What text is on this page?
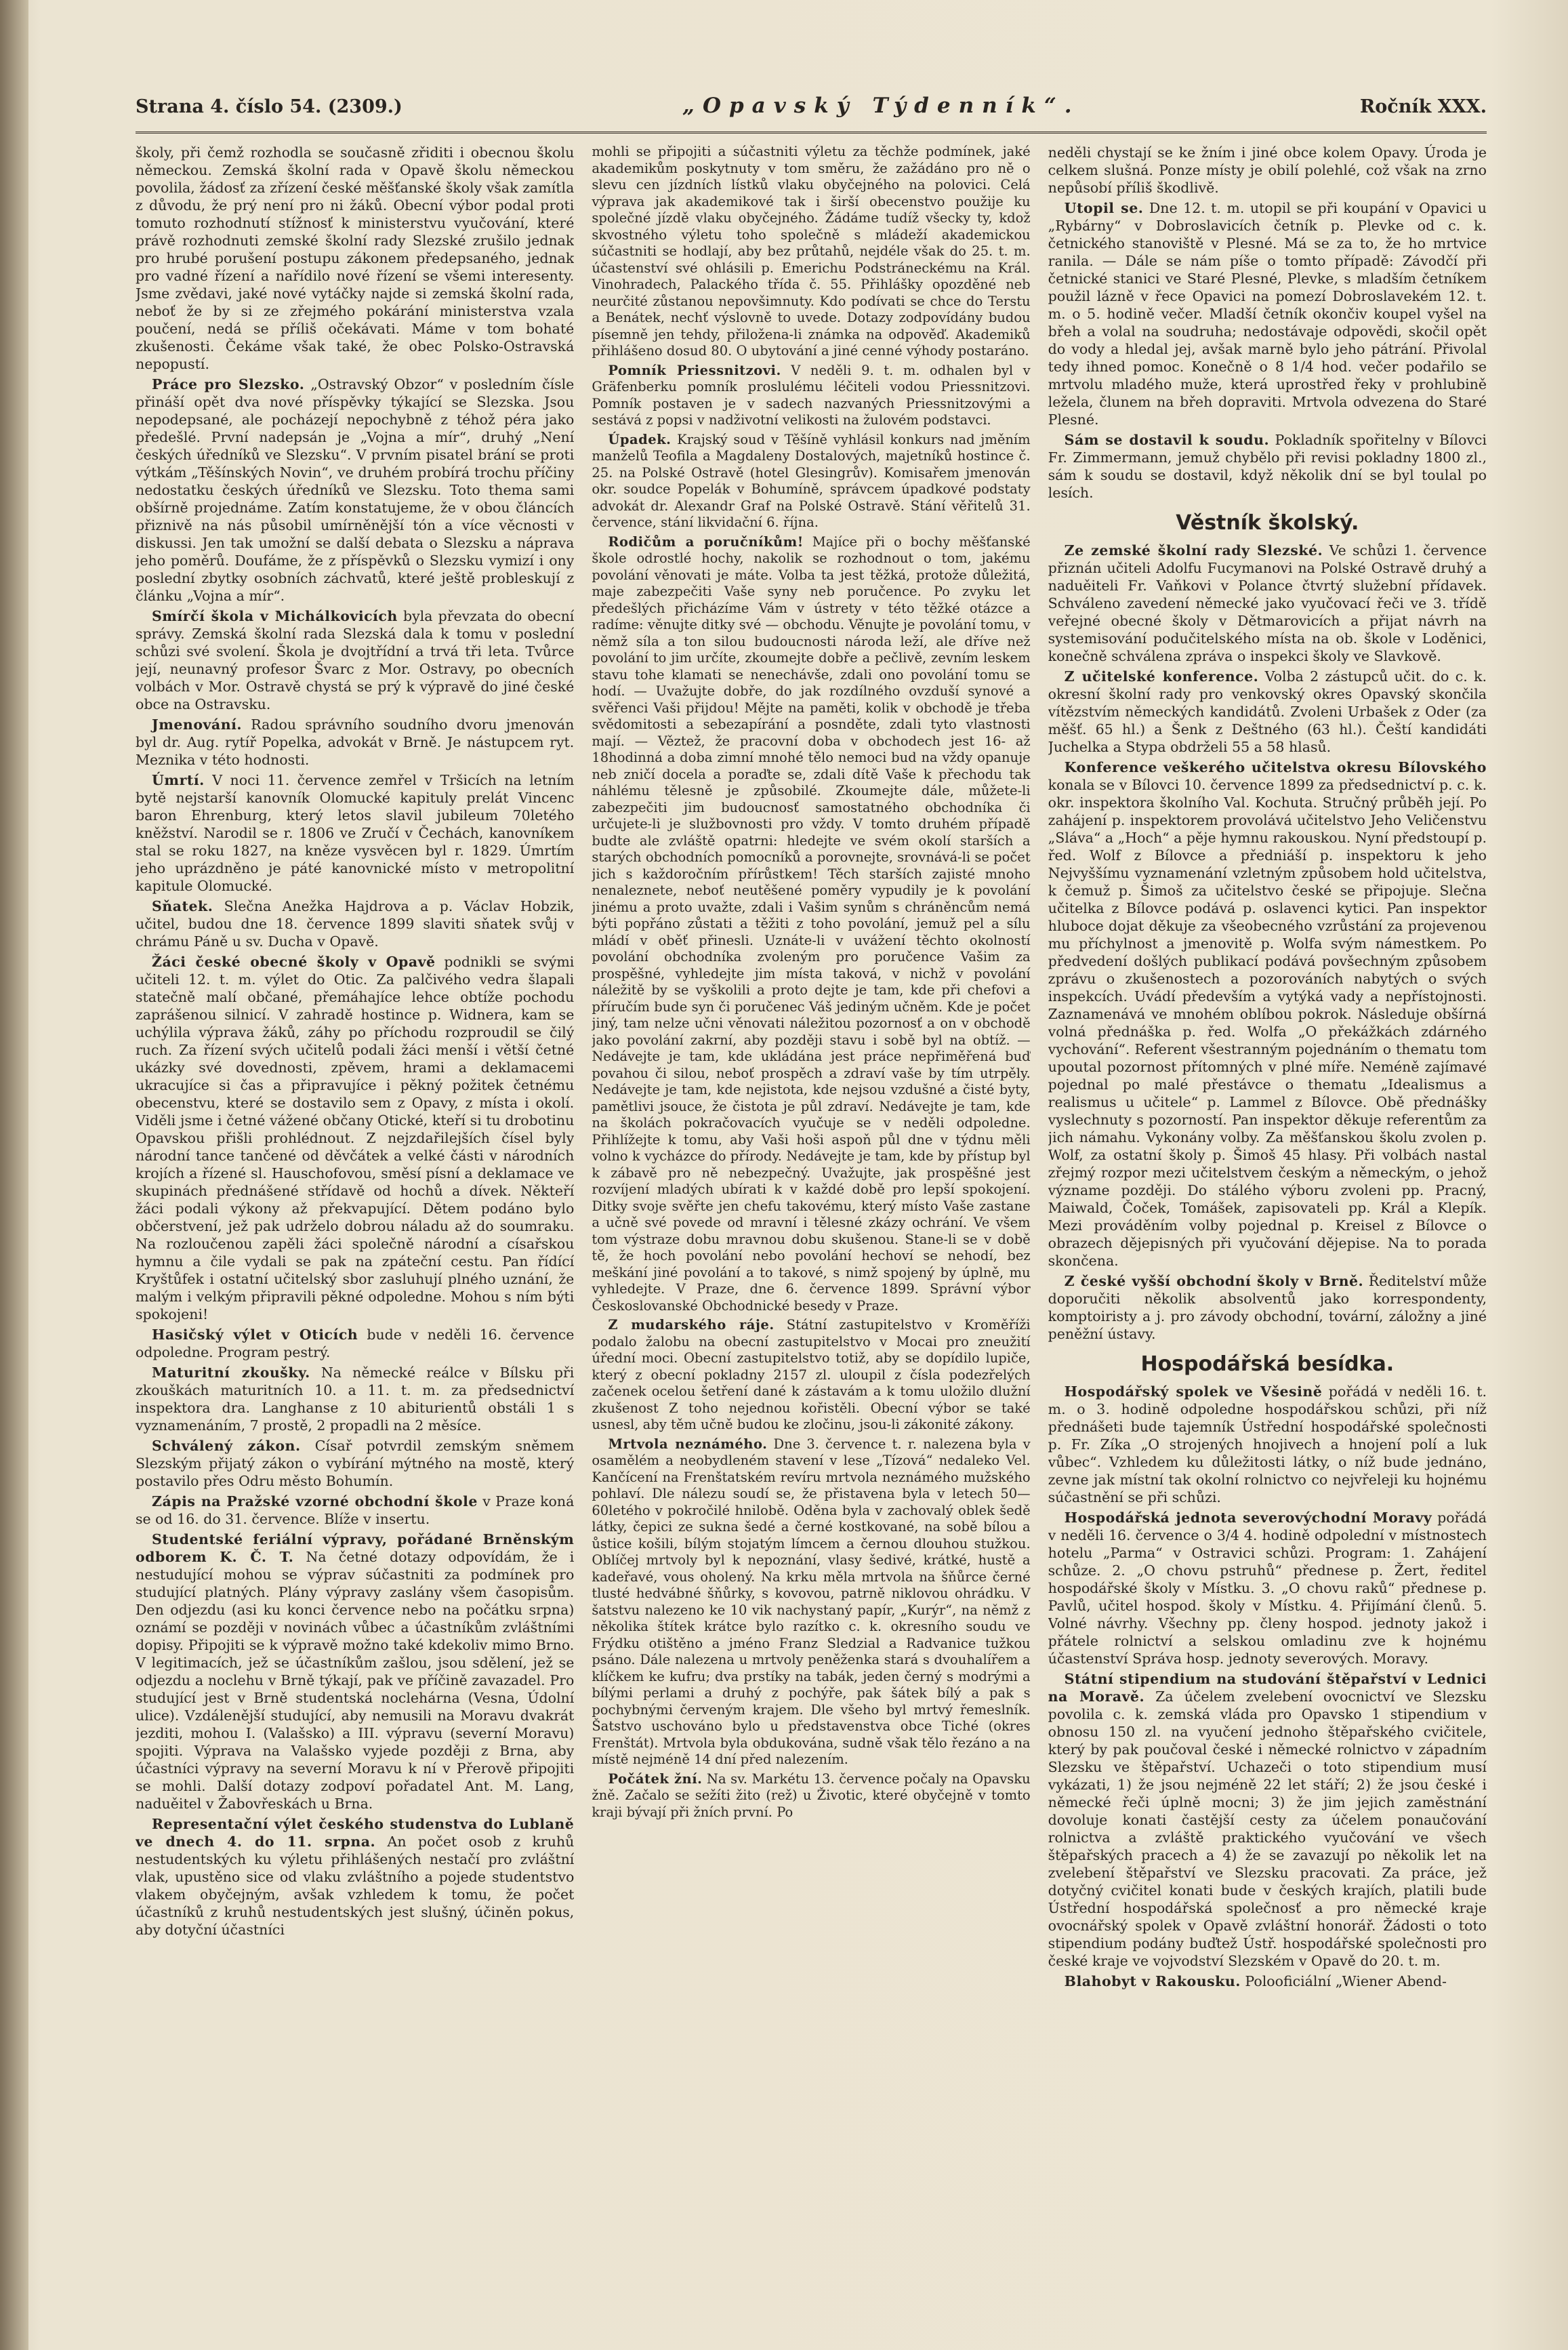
Strana 4. číslo 54. (2309.)	„Opavský Týdenník“.	Ročník XXX.

školy, při čemž rozhodla se současně zřiditi i obecnou školu německou. Zemská školní rada v Opavě školu německou povolila, žádosť za zřízení české měšťanské školy však zamítla z důvodu, že prý není pro ni žáků. Obecní výbor podal proti tomuto rozhodnutí stížnosť k ministerstvu vyučování, které právě rozhodnuti zemské školní rady Slezské zrušilo jednak pro hrubé porušení postupu zákonem předepsaného, jednak pro vadné řízení a nařídilo nové řízení se všemi interesenty. Jsme zvědavi, jaké nové vytáčky najde si zemská školní rada, neboť že by si ze zřejmého pokárání ministerstva vzala poučení, nedá se příliš očekávati. Máme v tom bohaté zkušenosti. Čekáme však také, že obec Polsko-Ostravská nepopustí.

Práce pro Slezsko. „Ostravský Obzor“ v posledním čísle přináší opět dva nové příspěvky týkající se Slezska. Jsou nepodepsané, ale pocházejí nepochybně z téhož péra jako předešlé. První nadepsán je „Vojna a mír“, druhý „Není českých úředníků ve Slezsku“. V prvním pisatel brání se proti výtkám „Těšínských Novin“, ve druhém probírá trochu příčiny nedostatku českých úředníků ve Slezsku. Toto thema sami obšírně projednáme. Zatím konstatujeme, že v obou článcích přiznivě na nás působil umírněnější tón a více věcnosti v diskussi. Jen tak umožní se další debata o Slezsku a náprava jeho poměrů. Doufáme, že z příspěvků o Slezsku vymizí i ony poslední zbytky osobních záchvatů, které ještě probleskují z článku „Vojna a mír“.

Smírčí škola v Michálkovicích byla převzata do obecní správy. Zemská školní rada Slezská dala k tomu v poslední schůzi své svolení. Škola je dvojtřídní a trvá tři leta. Tvůrce její, neunavný profesor Švarc z Mor. Ostravy, po obecních volbách v Mor. Ostravě chystá se prý k výpravě do jiné české obce na Ostravsku.

Jmenování. Radou správního soudního dvoru jmenován byl dr. Aug. rytíř Popelka, advokát v Brně. Je nástupcem ryt. Meznika v této hodnosti.

Úmrtí. V noci 11. července zemřel v Tršicích na letním bytě nejstarší kanovník Olomucké kapituly prelát Vincenc baron Ehrenburg, který letos slavil jubileum 70letého kněžství. Narodil se r. 1806 ve Zručí v Čechách, kanovníkem stal se roku 1827, na kněze vysvěcen byl r. 1829. Úmrtím jeho uprázdněno je páté kanovnické místo v metropolitní kapitule Olomucké.

Sňatek. Slečna Anežka Hajdrova a p. Václav Hobzik, učitel, budou dne 18. července 1899 slaviti sňatek svůj v chrámu Páně u sv. Ducha v Opavě.

Žáci české obecné školy v Opavě podnikli se svými učiteli 12. t. m. výlet do Otic. Za palčivého vedra šlapali statečně malí občané, přemáhajíce lehce obtíže pochodu zaprášenou silnicí. V zahradě hostince p. Widnera, kam se uchýlila výprava žáků, záhy po příchodu rozproudil se čilý ruch. Za řízení svých učitelů podali žáci menší i větší četné ukázky své dovednosti, zpěvem, hrami a deklamacemi ukracujíce si čas a připravujíce i pěkný požitek četnému obecenstvu, které se dostavilo sem z Opavy, z místa i okolí. Viděli jsme i četné vážené občany Otické, kteří si tu drobotinu Opavskou přišli prohlédnout. Z nejzdařilejších čísel byly národní tance tančené od děvčátek a velké části v národních krojích a řízené sl. Hauschofovou, směsí písní a deklamace ve skupinách přednášené střídavě od hochů a dívek. Někteří žáci podali výkony až překvapující. Dětem podáno bylo občerstvení, jež pak udrželo dobrou náladu až do soumraku. Na rozloučenou zapěli žáci společně národní a císařskou hymnu a čile vydali se pak na zpáteční cestu. Pan řídící Kryštůfek i ostatní učitelský sbor zasluhují plného uznání, že malým i velkým připravili pěkné odpoledne. Mohou s ním býti spokojeni!

Hasičský výlet v Oticích bude v neděli 16. července odpoledne. Program pestrý.

Maturitní zkoušky. Na německé reálce v Bílsku při zkouškách maturitních 10. a 11. t. m. za předsednictví inspektora dra. Langhanse z 10 abiturientů obstáli 1 s vyznamenáním, 7 prostě, 2 propadli na 2 měsíce.

Schválený zákon. Císař potvrdil zemským sněmem Slezským přijatý zákon o vybírání mýtného na mostě, který postavilo přes Odru město Bohumín.

Zápis na Pražské vzorné obchodní škole v Praze koná se od 16. do 31. července. Blíže v insertu.

Studentské feriální výpravy, pořádané Brněnským odborem K. Č. T. Na četné dotazy odpovídám, že i nestudující mohou se výprav súčastniti za podmínek pro studující platných. Plány výpravy zaslány všem časopisům. Den odjezdu (asi ku konci července nebo na počátku srpna) oznámí se později v novinách vůbec a účastníkům zvláštními dopisy. Připojiti se k výpravě možno také kdekoliv mimo Brno. V legitimacích, jež se účastníkům zašlou, jsou sdělení, jež se odjezdu a noclehu v Brně týkají, pak ve příčině zavazadel. Pro studující jest v Brně studentská noclehárna (Vesna, Údolní ulice). Vzdálenější studující, aby nemusili na Moravu dvakrát jezditi, mohou I. (Valašsko) a III. výpravu (severní Moravu) spojiti. Výprava na Valašsko vyjede později z Brna, aby účastníci výpravy na severní Moravu k ní v Přerově připojiti se mohli. Další dotazy zodpoví pořadatel Ant. M. Lang, naduěitel v Žabovřeskách u Brna.

Representační výlet českého studenstva do Lublaně ve dnech 4. do 11. srpna. An počet osob z kruhů nestudentských ku výletu přihlášených nestačí pro zvláštní vlak, upustěno sice od vlaku zvláštního a pojede studentstvo vlakem obyčejným, avšak vzhledem k tomu, že počet účastníků z kruhů nestudentských jest slušný, účiněn pokus, aby dotyční účastníci

mohli se připojiti a súčastniti výletu za těchže podmínek, jaké akademikům poskytnuty v tom směru, že zažádáno pro ně o slevu cen jízdních lístků vlaku obyčejného na polovici. Celá výprava jak akademikové tak i širší obecenstvo použije ku společné jízdě vlaku obyčejného. Žádáme tudíž všecky ty, kdož skvostného výletu toho společně s mládeží akademickou súčastniti se hodlají, aby bez průtahů, nejdéle však do 25. t. m. účastenství své ohlásili p. Emerichu Podstráneckému na Král. Vinohradech, Palackého třída č. 55. Přihlášky opozděné neb neurčité zůstanou nepovšimnuty. Kdo podívati se chce do Terstu a Benátek, nechť výslovně to uvede. Dotazy zodpovídány budou písemně jen tehdy, přiložena-li známka na odpověď. Akademiků přihlášeno dosud 80. O ubytování a jiné cenné výhody postaráno.

Pomník Priessnitzovi. V neděli 9. t. m. odhalen byl v Gräfenberku pomník proslulému léčiteli vodou Priessnitzovi. Pomník postaven je v sadech nazvaných Priessnitzovými a sestává z popsi v nadživotní velikosti na žulovém podstavci.

Úpadek. Krajský soud v Těšíně vyhlásil konkurs nad jměním manželů Teofila a Magdaleny Dostalových, majetníků hostince č. 25. na Polské Ostravě (hotel Glesingrův). Komisařem jmenován okr. soudce Popelák v Bohumíně, správcem úpadkové podstaty advokát dr. Alexandr Graf na Polské Ostravě. Stání věřitelů 31. července, stání likvidační 6. října.

Rodičům a poručníkům! Majíce při o bochy měšťanské škole odrostlé hochy, nakolik se rozhodnout o tom, jakému povolání věnovati je máte. Volba ta jest těžká, protože důležitá, maje zabezpečiti Vaše syny neb poručence. Po zvyku let předešlých přicházíme Vám v ústrety v této těžké otázce a radíme: věnujte ditky své — obchodu. Věnujte je povolání tomu, v němž síla a ton silou budoucnosti národa leží, ale dříve než povolání to jim určíte, zkoumejte dobře a pečlivě, zevním leskem stavu tohe klamati se nenechávše, zdali ono povolání tomu se hodí. — Uvažujte dobře, do jak rozdílného ovzduší synové a svěřenci Vaši přijdou! Mějte na paměti, kolik v obchodě je třeba svědomitosti a sebezapírání a posnděte, zdali tyto vlastnosti mají. — Věztež, že pracovní doba v obchodech jest 16- až 18hodinná a doba zimní mnohé tělo nemoci bud na vždy opanuje neb zničí docela a poraďte se, zdali dítě Vaše k přechodu tak náhlému tělesně je způsobilé. Zkoumejte dále, můžete-li zabezpečiti jim budoucnosť samostatného obchodníka či určujete-li je službovnosti pro vždy. V tomto druhém případě budte ale zvláště opatrni: hledejte ve svém okolí starších a starých obchodních pomocníků a porovnejte, srovnává-li se počet jich s každoročním přírůstkem! Těch starších zajisté mnoho nenaleznete, neboť neutěšené poměry vypudily je k povolání jinému a proto uvažte, zdali i Vašim synům s chráněncům nemá býti popřáno zůstati a těžiti z toho povolání, jemuž pel a sílu mládí v oběť přinesli. Uznáte-li v uvážení těchto okolností povolání obchodníka zvoleným pro poručence Vašim za prospěšné, vyhledejte jim místa taková, v nichž v povolání náležitě by se vyškolili a proto dejte je tam, kde při chefovi a příručím bude syn či poručenec Váš jediným učněm. Kde je počet jiný, tam nelze učni věnovati náležitou pozornosť a on v obchodě jako povolání zakrní, aby později stavu i sobě byl na obtíž. — Nedávejte je tam, kde ukládána jest práce nepřiměřená buď povahou či silou, neboť prospěch a zdraví vaše by tím utrpěly. Nedávejte je tam, kde nejistota, kde nejsou vzdušné a čisté byty, pamětlivi jsouce, že čistota je půl zdraví. Nedávejte je tam, kde na školách pokračovacích vyučuje se v neděli odpoledne. Přihlížejte k tomu, aby Vaši hoši aspoň půl dne v týdnu měli volno k vycházce do přírody. Nedávejte je tam, kde by přístup byl k zábavě pro ně nebezpečný. Uvažujte, jak prospěšné jest rozvíjení mladých ubírati k v každé době pro lepší spokojení. Ditky svoje svěřte jen chefu takovému, který místo Vaše zastane a učně své povede od mravní i tělesné zkázy ochrání. Ve všem tom výstraze dobu mravnou dobu skušenou. Stane-li se v době tě, že hoch povolání nebo povolání hechoví se nehodí, bez meškání jiné povolání a to takové, s nimž spojený by úplně, mu vyhledejte. V Praze, dne 6. července 1899. Správní výbor Českoslovanské Obchodnické besedy v Praze.

Z mudarského ráje. Státní zastupitelstvo v Kroměříži podalo žalobu na obecní zastupitelstvo v Mocai pro zneužití úřední moci. Obecní zastupitelstvo totiž, aby se dopídilo lupiče, který z obecní pokladny 2157 zl. uloupil z čísla podezřelých začenek ocelou šetření dané k zástavám a k tomu uložilo dlužní zkušenost Z toho nejednou kořistěli. Obecní výbor se také usnesl, aby těm učně budou ke zločinu, jsou-li zákonité zákony.

Mrtvola neznámého. Dne 3. července t. r. nalezena byla v osamělém a neobydleném stavení v lese „Tízová“ nedaleko Vel. Kančícení na Frenštatském revíru mrtvola neznámého mužského pohlaví. Dle nálezu soudí se, že přistavena byla v letech 50—60letého v pokročilé hnilobě. Oděna byla v zachovalý oblek šedě látky, čepici ze sukna šedé a černé kostkované, na sobě bílou a ůstice košili, bílým stojatým límcem a černou dlouhou stužkou. Oblíčej mrtvoly byl k nepoznání, vlasy šedivé, krátké, hustě a kadeřavé, vous oholený. Na krku měla mrtvola na šňůrce černé tlusté hedvábné šňůrky, s kovovou, patrně niklovou ohrádku. V šatstvu nalezeno ke 10 vik nachystaný papír, „Kurýr“, na němž z několika štítek krátce bylo razítko c. k. okresního soudu ve Frýdku otištěno a jméno Franz Sledzial a Radvanice tužkou psáno. Dále nalezena u mrtvoly peněženka stará s dvouhalířem a klíčkem ke kufru; dva prstíky na tabák, jeden černý s modrými a bílými perlami a druhý z pochýře, pak šátek bílý a pak s pochybnými červeným krajem. Dle všeho byl mrtvý řemeslník. Šatstvo uschováno bylo u představenstva obce Tiché (okres Frenštát). Mrtvola byla obdukována, sudně však tělo řezáno a na místě nejméně 14 dní před nalezením.

Počátek žní. Na sv. Markétu 13. července počaly na Opavsku žně. Začalo se sežíti žito (rež) u Životic, které obyčejně v tomto kraji bývají při žních první. Po

neděli chystají se ke žním i jiné obce kolem Opavy. Úroda je celkem slušná. Ponze místy je obilí polehlé, což však na zrno nepůsobí příliš škodlivě.

Utopil se. Dne 12. t. m. utopil se při koupání v Opavici u „Rybárny“ v Dobroslavicích četník p. Plevke od c. k. četnického stanoviště v Plesné. Má se za to, že ho mrtvice ranila. — Dále se nám píše o tomto případě: Závodčí při četnické stanici ve Staré Plesné, Plevke, s mladším četníkem použil lázně v řece Opavici na pomezí Dobroslavekém 12. t. m. o 5. hodině večer. Mladší četník okončiv koupel vyšel na břeh a volal na soudruha; nedostávaje odpovědi, skočil opět do vody a hledal jej, avšak marně bylo jeho pátrání. Přivolal tedy ihned pomoc. Konečně o 8 1/4 hod. večer podařilo se mrtvolu mladého muže, která uprostřed řeky v prohlubině ležela, člunem na břeh dopraviti. Mrtvola odvezena do Staré Plesné.

Sám se dostavil k soudu. Pokladník spořitelny v Bílovci Fr. Zimmermann, jemuž chybělo při revisi pokladny 1800 zl., sám k soudu se dostavil, když několik dní se byl toulal po lesích.

Věstník školský.

Ze zemské školní rady Slezské. Ve schůzi 1. července přiznán učiteli Adolfu Fucymanovi na Polské Ostravě druhý a naduěiteli Fr. Vaňkovi v Polance čtvrtý služební přídavek. Schváleno zavedení německé jako vyučovací řeči ve 3. třídě veřejné obecné školy v Dětmarovicích a přijat návrh na systemisování podučitelského místa na ob. škole v Loděnici, konečně schválena zpráva o inspekci školy ve Slavkově.

Z učitelské konference. Volba 2 zástupců učit. do c. k. okresní školní rady pro venkovský okres Opavský skončila vítězstvím německých kandidátů. Zvoleni Urbašek z Oder (za měšť. 65 hl.) a Šenk z Deštného (63 hl.). Čeští kandidáti Juchelka a Stypa obdrželi 55 a 58 hlasů.

Konference veškerého učitelstva okresu Bílovského konala se v Bílovci 10. července 1899 za předsednictví p. c. k. okr. inspektora školního Val. Kochuta. Stručný průběh její. Po zahájení p. inspektorem provolává učitelstvo Jeho Veličenstvu „Sláva“ a „Hoch“ a pěje hymnu rakouskou. Nyní předstoupí p. řed. Wolf z Bílovce a předniáší p. inspektoru k jeho Nejvyššímu vyznamenání vzletným způsobem hold učitelstva, k čemuž p. Šimoš za učitelstvo české se připojuje. Slečna učitelka z Bílovce podává p. oslavenci kytici. Pan inspektor hluboce dojat děkuje za všeobecného vzrůstání za projevenou mu příchylnost a jmenovitě p. Wolfa svým námestkem. Po předvedení došlých publikací podává povšechným způsobem zprávu o zkušenostech a pozorováních nabytých o svých inspekcích. Uvádí především a vytýká vady a nepřístojnosti. Zaznamenává ve mnohém oblíbou pokrok. Následuje obšírná volná přednáška p. řed. Wolfa „O překážkách zdárného vychování“. Referent všestranným pojednáním o thematu tom upoutal pozornost přítomných v plné míře. Neméně zajímavé pojednal po malé přestávce o thematu „Idealismus a realismus u učitele“ p. Lammel z Bílovce. Obě přednášky vyslechnuty s pozorností. Pan inspektor děkuje referentům za jich námahu. Vykonány volby. Za měšťanskou školu zvolen p. Wolf, za ostatní školy p. Šimoš 45 hlasy. Při volbách nastal zřejmý rozpor mezi učitelstvem českým a německým, o jehož význame později. Do stálého výboru zvoleni pp. Pracný, Maiwald, Čoček, Tomášek, zapisovateli pp. Král a Klepík. Mezi prováděním volby pojednal p. Kreisel z Bílovce o obrazech dějepisných při vyučování dějepise. Na to porada skončena.

Z české vyšší obchodní školy v Brně. Ředitelství může doporučiti několik absolventů jako korrespondenty, komptoiristy a j. pro závody obchodní, tovární, záložny a jiné peněžní ústavy.

Hospodářská besídka.

Hospodářský spolek ve Všesině pořádá v neděli 16. t. m. o 3. hodině odpoledne hospodářskou schůzi, při níž přednášeti bude tajemník Ústřední hospodářské společnosti p. Fr. Zíka „O strojených hnojivech a hnojení polí a luk vůbec“. Vzhledem ku důležitosti látky, o níž bude jednáno, zevne jak místní tak okolní rolnictvo co nejvřeleji ku hojnému súčastnění se při schůzi.

Hospodářská jednota severovýchodní Moravy pořádá v neděli 16. července o 3/4 4. hodině odpolední v místnostech hotelu „Parma“ v Ostravici schůzi. Program: 1. Zahájení schůze. 2. „O chovu pstruhů“ přednese p. Žert, ředitel hospodářské školy v Místku. 3. „O chovu raků“ přednese p. Pavlů, učitel hospod. školy v Místku. 4. Přijímání členů. 5. Volné návrhy. Všechny pp. členy hospod. jednoty jakož i přátele rolnictví a selskou omladinu zve k hojnému účastenství Správa hosp. jednoty severových. Moravy.

Státní stipendium na studování štěpařství v Lednici na Moravě. Za účelem zvelebení ovocnictví ve Slezsku povolila c. k. zemská vláda pro Opavsko 1 stipendium v obnosu 150 zl. na vyučení jednoho štěpařského cvičitele, který by pak poučoval české i německé rolnictvo v západním Slezsku ve štěpařství. Uchazeči o toto stipendium musí vykázati, 1) že jsou nejméně 22 let stáří; 2) že jsou české i německé řeči úplně mocni; 3) že jim jejich zaměstnání dovoluje konati častější cesty za účelem ponaučování rolnictva a zvláště praktického vyučování ve všech štěpařských pracech a 4) že se zavazují po několik let na zvelebení štěpařství ve Slezsku pracovati. Za práce, jež dotyčný cvičitel konati bude v českých krajích, platili bude Ústřední hospodářská společnosť a pro německé kraje ovocnářský spolek v Opavě zvláštní honorář. Žádosti o toto stipendium podány buďtež Ústř. hospodářské společnosti pro české kraje ve vojvodství Slezském v Opavě do 20. t. m.

Blahobyt v Rakousku. Polooficiální „Wiener Abend-
